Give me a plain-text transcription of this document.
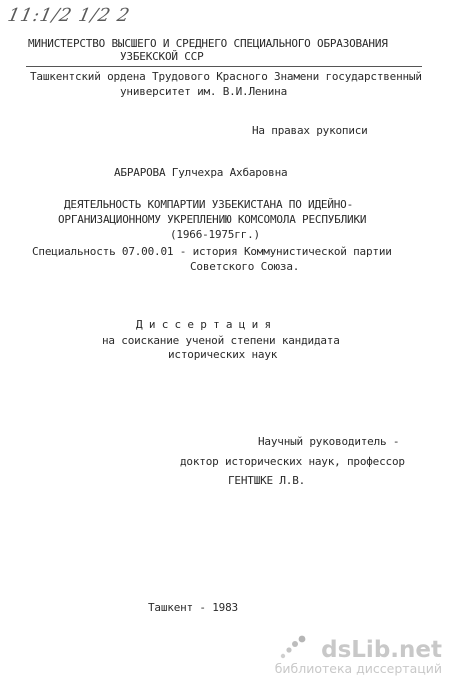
11:1/2 1/2 2
МИНИСТЕРСТВО ВЫСШЕГО И СРЕДНЕГО СПЕЦИАЛЬНОГО ОБРАЗОВАНИЯ
УЗБЕКСКОЙ ССР
Ташкентский ордена Трудового Красного Знамени государственный
университет им. В.И.Ленина
На правах рукописи
АБРАРОВА Гулчехра Ахбаровна
ДЕЯТЕЛЬНОСТЬ КОМПАРТИИ УЗБЕКИСТАНА ПО ИДЕЙНО-
ОРГАНИЗАЦИОННОМУ УКРЕПЛЕНИЮ КОМСОМОЛА РЕСПУБЛИКИ
(1966-1975гг.)
Специальность 07.00.01 - история Коммунистической партии
Советского Союза.
Д и с с е р т а ц и я
на соискание ученой степени кандидата
исторических наук
Научный руководитель -
доктор исторических наук, профессор
ГЕНТШКЕ Л.В.
Ташкент - 1983
dsLib.net
библиотека диссертаций
